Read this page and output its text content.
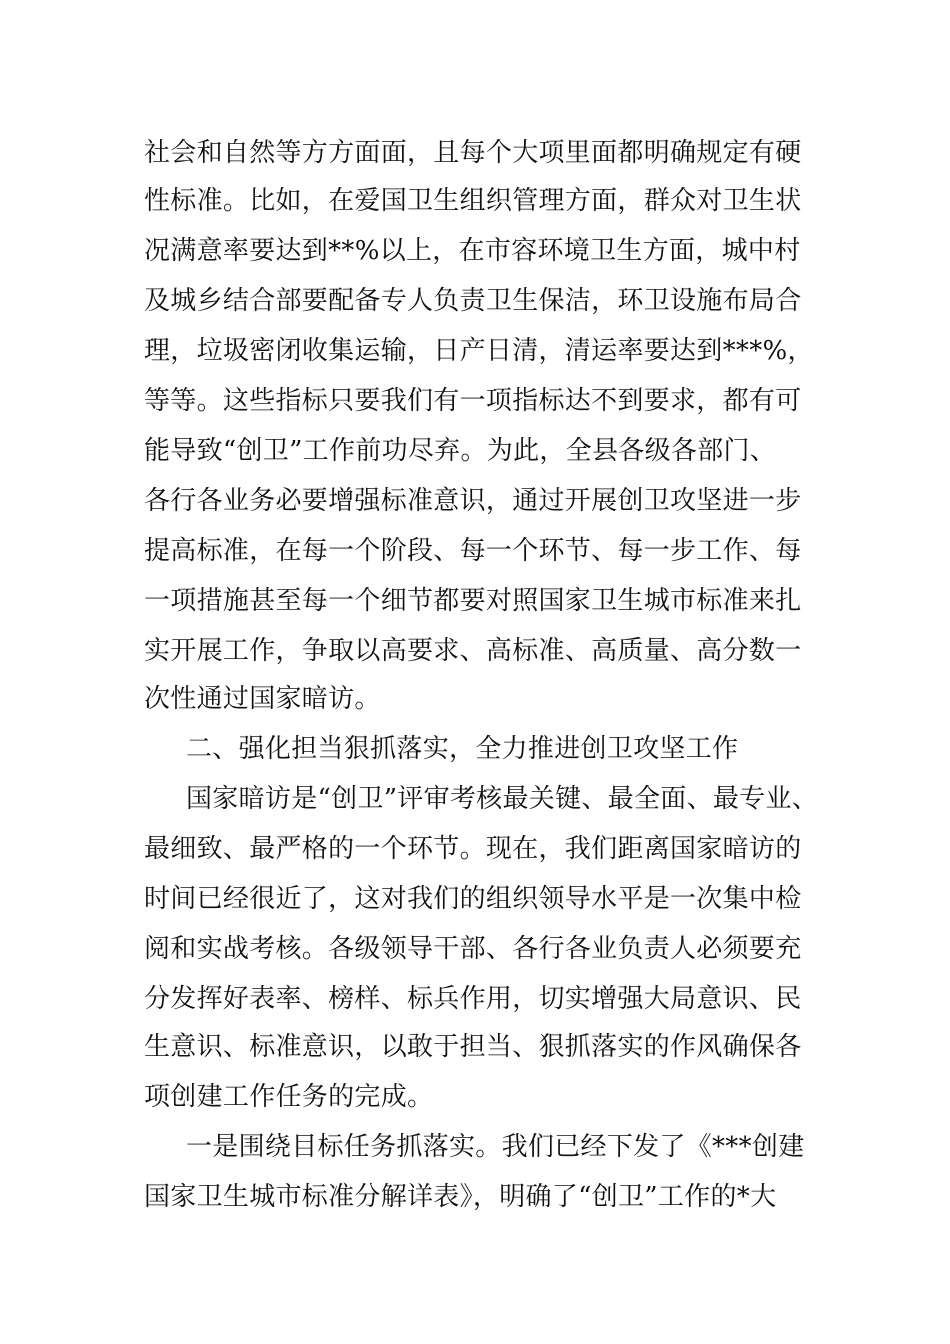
社会和自然等方方面面，且每个大项里面都明确规定有硬
性标准。比如，在爱国卫生组织管理方面，群众对卫生状
况满意率要达到**%以上，在市容环境卫生方面，城中村
及城乡结合部要配备专人负责卫生保洁，环卫设施布局合
理，垃圾密闭收集运输，日产日清，清运率要达到***%，
等等。这些指标只要我们有一项指标达不到要求，都有可
能导致“创卫”工作前功尽弃。为此，全县各级各部门、
各行各业务必要增强标准意识，通过开展创卫攻坚进一步
提高标准，在每一个阶段、每一个环节、每一步工作、每
一项措施甚至每一个细节都要对照国家卫生城市标准来扎
实开展工作，争取以高要求、高标准、高质量、高分数一
次性通过国家暗访。
二、强化担当狠抓落实，全力推进创卫攻坚工作
国家暗访是“创卫”评审考核最关键、最全面、最专业、
最细致、最严格的一个环节。现在，我们距离国家暗访的
时间已经很近了，这对我们的组织领导水平是一次集中检
阅和实战考核。各级领导干部、各行各业负责人必须要充
分发挥好表率、榜样、标兵作用，切实增强大局意识、民
生意识、标准意识，以敢于担当、狠抓落实的作风确保各
项创建工作任务的完成。
一是围绕目标任务抓落实。我们已经下发了《***创建
国家卫生城市标准分解详表》，明确了“创卫”工作的*大
